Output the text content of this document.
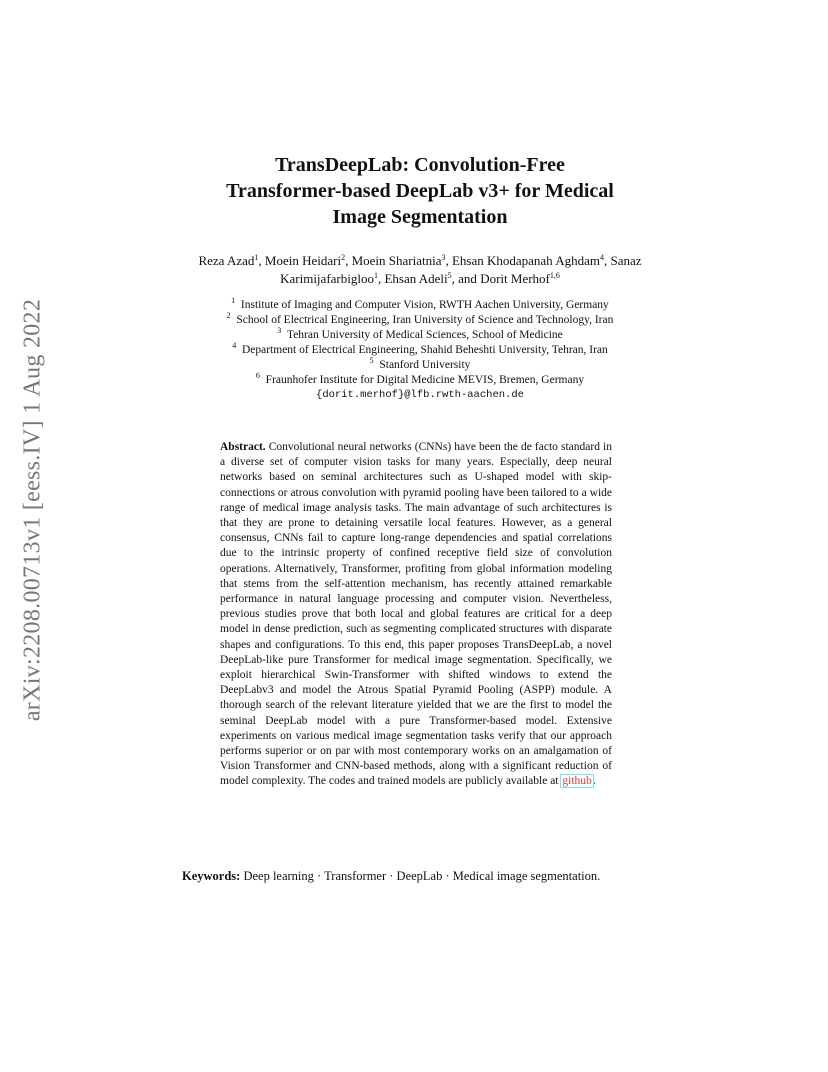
arXiv:2208.00713v1 [eess.IV] 1 Aug 2022
TransDeepLab: Convolution-Free
Transformer-based DeepLab v3+ for Medical
Image Segmentation
Reza Azad$^1$, Moein Heidari$^2$, Moein Shariatnia$^3$, Ehsan Khodapanah Aghdam$^4$, Sanaz Karimijafarbigloo$^1$, Ehsan Adeli$^5$, and Dorit Merhof$^{1,6}$
$^1$ Institute of Imaging and Computer Vision, RWTH Aachen University, Germany
$^2$ School of Electrical Engineering, Iran University of Science and Technology, Iran
$^3$ Tehran University of Medical Sciences, School of Medicine
$^4$ Department of Electrical Engineering, Shahid Beheshti University, Tehran, Iran
$^5$ Stanford University
$^6$ Fraunhofer Institute for Digital Medicine MEVIS, Bremen, Germany
{dorit.merhof}@lfb.rwth-aachen.de
Abstract. Convolutional neural networks (CNNs) have been the de facto standard in a diverse set of computer vision tasks for many years. Especially, deep neural networks based on seminal architectures such as U-shaped model with skip-connections or atrous convolution with pyramid pooling have been tailored to a wide range of medical image analysis tasks. The main advantage of such architectures is that they are prone to detaining versatile local features. However, as a general consensus, CNNs fail to capture long-range dependencies and spatial correlations due to the intrinsic property of confined receptive field size of convolution operations. Alternatively, Transformer, profiting from global information modeling that stems from the self-attention mechanism, has recently attained remarkable performance in natural language processing and computer vision. Nevertheless, previous studies prove that both local and global features are critical for a deep model in dense prediction, such as segmenting complicated structures with disparate shapes and configurations. To this end, this paper proposes TransDeepLab, a novel DeepLab-like pure Transformer for medical image segmentation. Specifically, we exploit hierarchical Swin-Transformer with shifted windows to extend the DeepLabv3 and model the Atrous Spatial Pyramid Pooling (ASPP) module. A thorough search of the relevant literature yielded that we are the first to model the seminal DeepLab model with a pure Transformer-based model. Extensive experiments on various medical image segmentation tasks verify that our approach performs superior or on par with most contemporary works on an amalgamation of Vision Transformer and CNN-based methods, along with a significant reduction of model complexity. The codes and trained models are publicly available at github.
Keywords: Deep learning · Transformer · DeepLab · Medical image segmentation.
